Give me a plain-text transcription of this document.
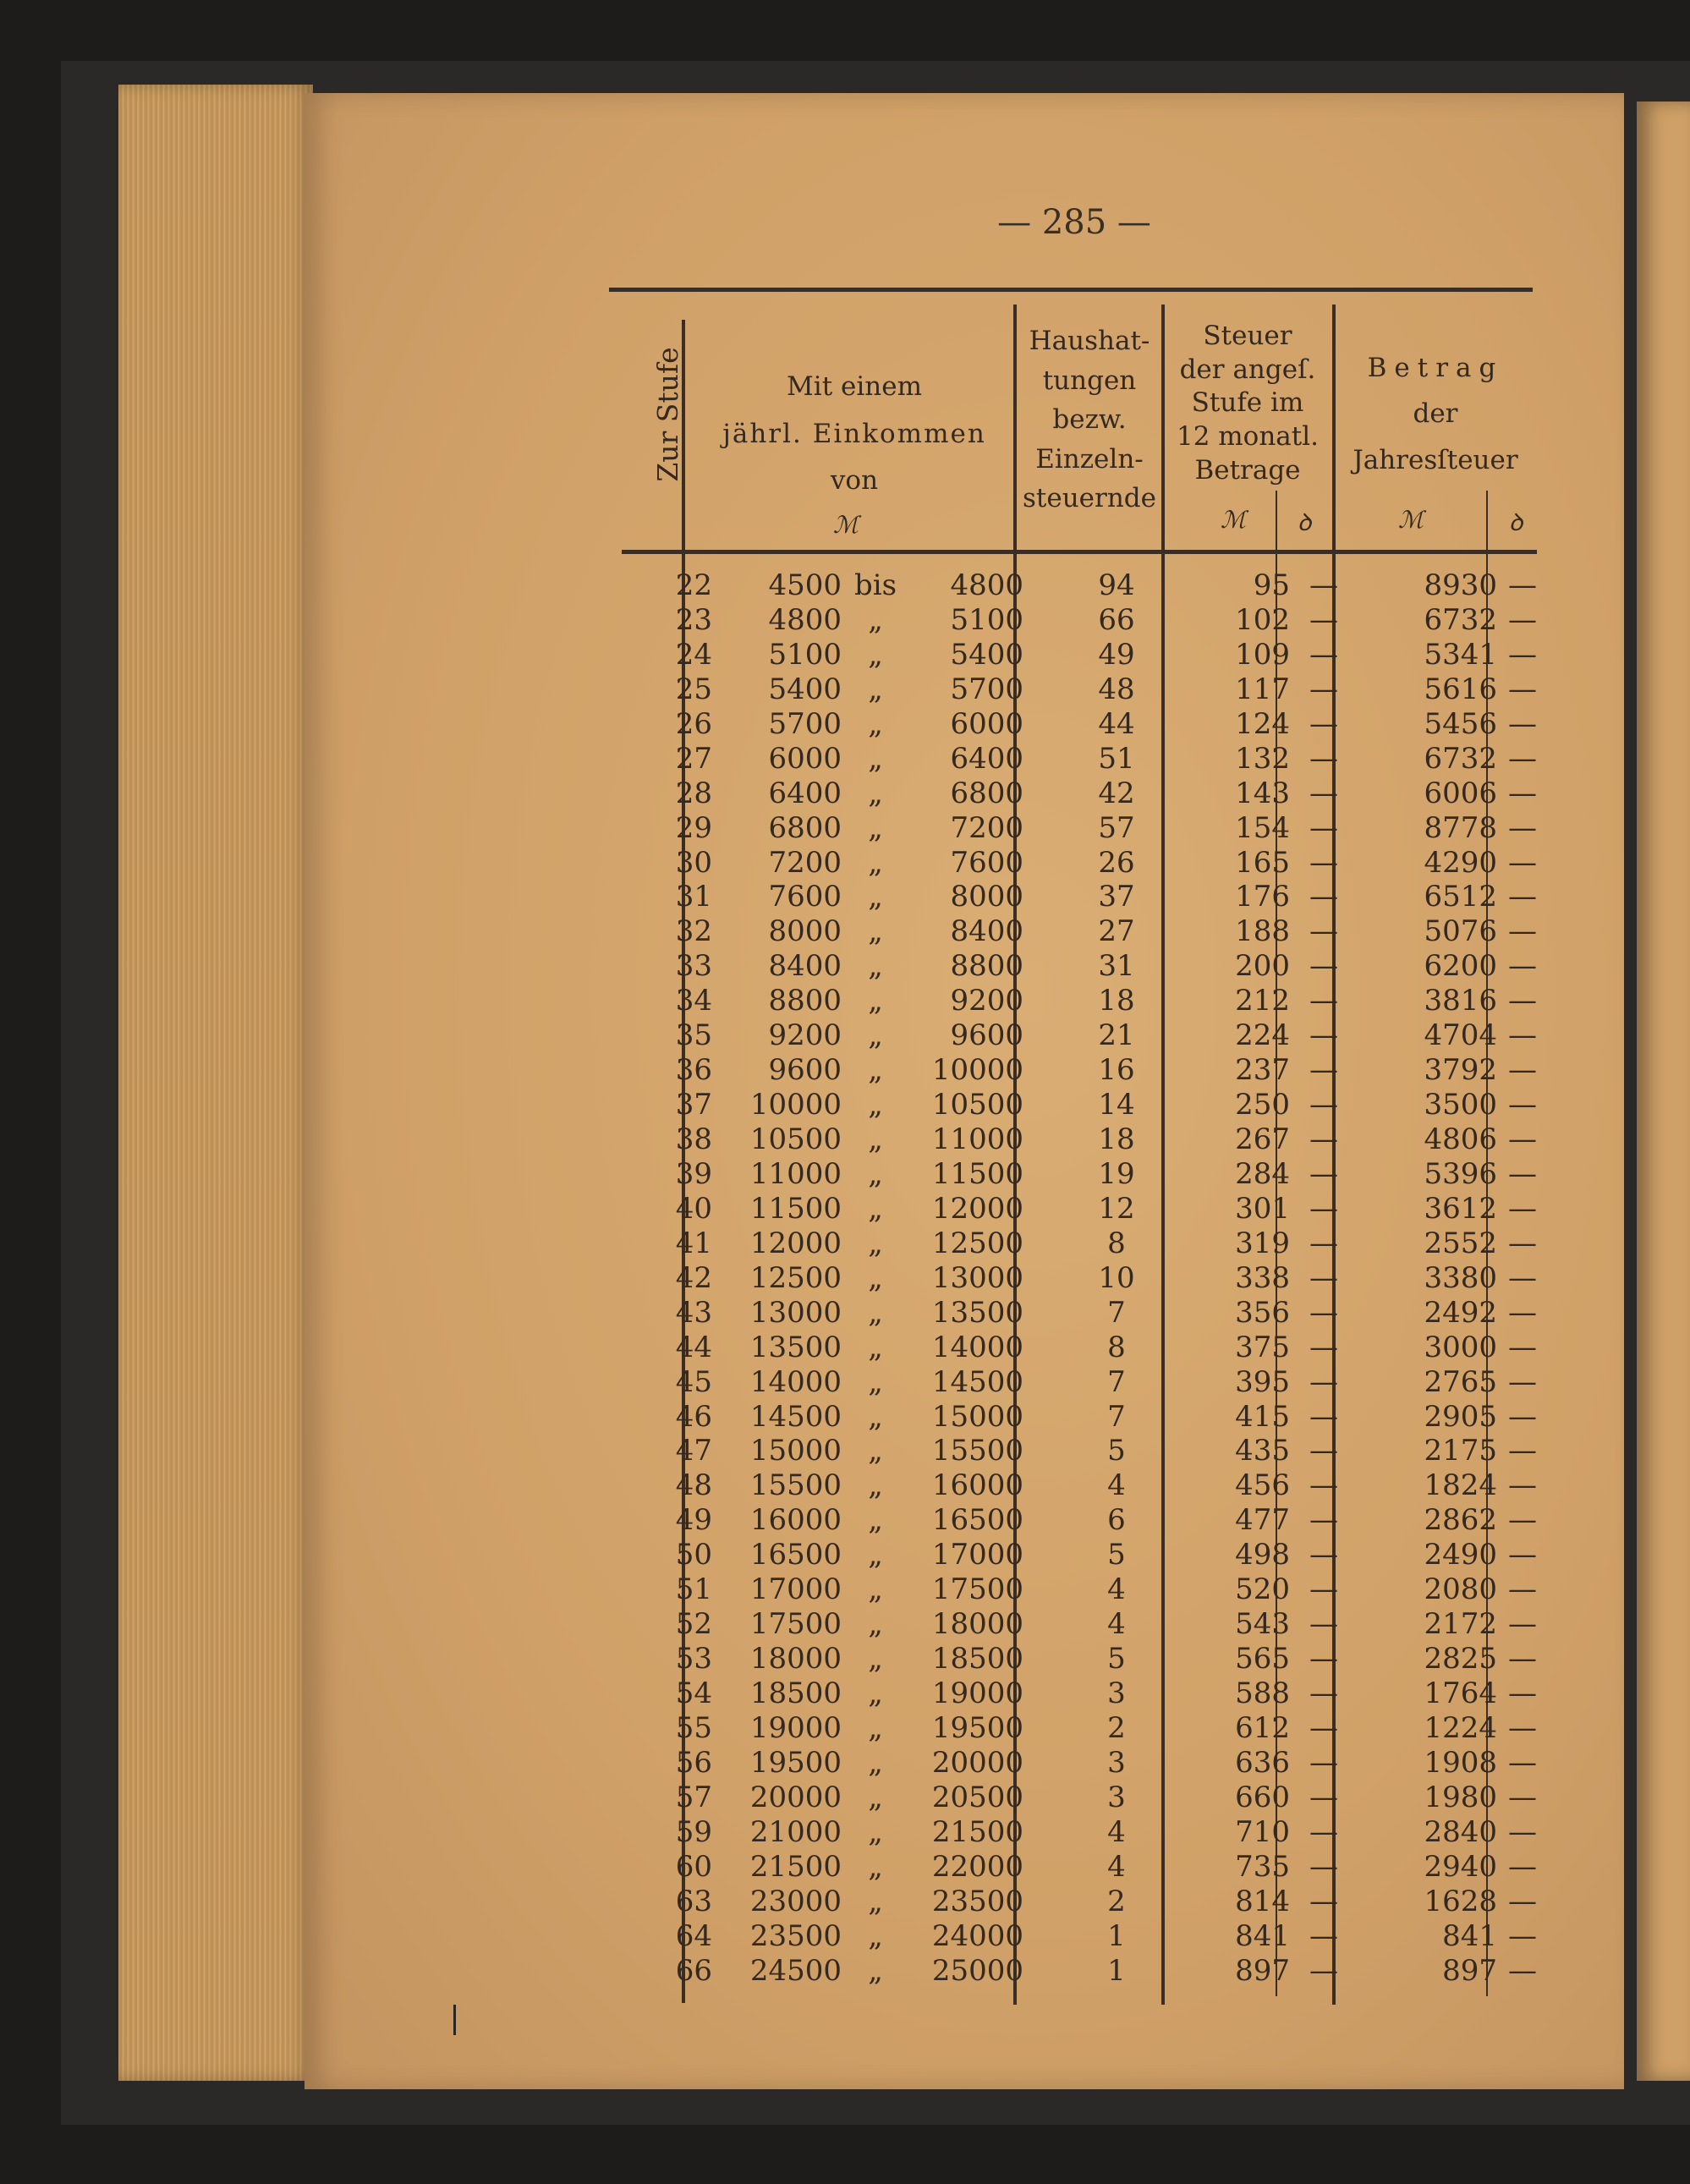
— 285 —
Zur Stufe	Mit einem
jährl. Einkommen
von
ℳ
Haushat-
tungen
bezw.
Einzeln-
steuernde
Steuer
der angeſ.
Stufe im
12 monatl.
Betrage
ℳ	ꝺ
Betrag
der
Jahresſteuer
ℳ	ꝺ
22	4500 bis	4800	94	95 —	8930 —
23	4800 „	5100	66	102 —	6732 —
24	5100 „	5400	49	109 —	5341 —
25	5400 „	5700	48	117 —	5616 —
26	5700 „	6000	44	124 —	5456 —
27	6000 „	6400	51	132 —	6732 —
28	6400 „	6800	42	143 —	6006 —
29	6800 „	7200	57	154 —	8778 —
30	7200 „	7600	26	165 —	4290 —
31	7600 „	8000	37	176 —	6512 —
32	8000 „	8400	27	188 —	5076 —
33	8400 „	8800	31	200 —	6200 —
34	8800 „	9200	18	212 —	3816 —
35	9200 „	9600	21	224 —	4704 —
36	9600 „	10000	16	237 —	3792 —
37	10000 „	10500	14	250 —	3500 —
38	10500 „	11000	18	267 —	4806 —
39	11000 „	11500	19	284 —	5396 —
40	11500 „	12000	12	301 —	3612 —
41	12000 „	12500	8	319 —	2552 —
42	12500 „	13000	10	338 —	3380 —
43	13000 „	13500	7	356 —	2492 —
44	13500 „	14000	8	375 —	3000 —
45	14000 „	14500	7	395 —	2765 —
46	14500 „	15000	7	415 —	2905 —
47	15000 „	15500	5	435 —	2175 —
48	15500 „	16000	4	456 —	1824 —
49	16000 „	16500	6	477 —	2862 —
50	16500 „	17000	5	498 —	2490 —
51	17000 „	17500	4	520 —	2080 —
52	17500 „	18000	4	543 —	2172 —
53	18000 „	18500	5	565 —	2825 —
54	18500 „	19000	3	588 —	1764 —
55	19000 „	19500	2	612 —	1224 —
56	19500 „	20000	3	636 —	1908 —
57	20000 „	20500	3	660 —	1980 —
59	21000 „	21500	4	710 —	2840 —
60	21500 „	22000	4	735 —	2940 —
63	23000 „	23500	2	814 —	1628 —
64	23500 „	24000	1	841 —	841 —
66	24500 „	25000	1	897 —	897 —
